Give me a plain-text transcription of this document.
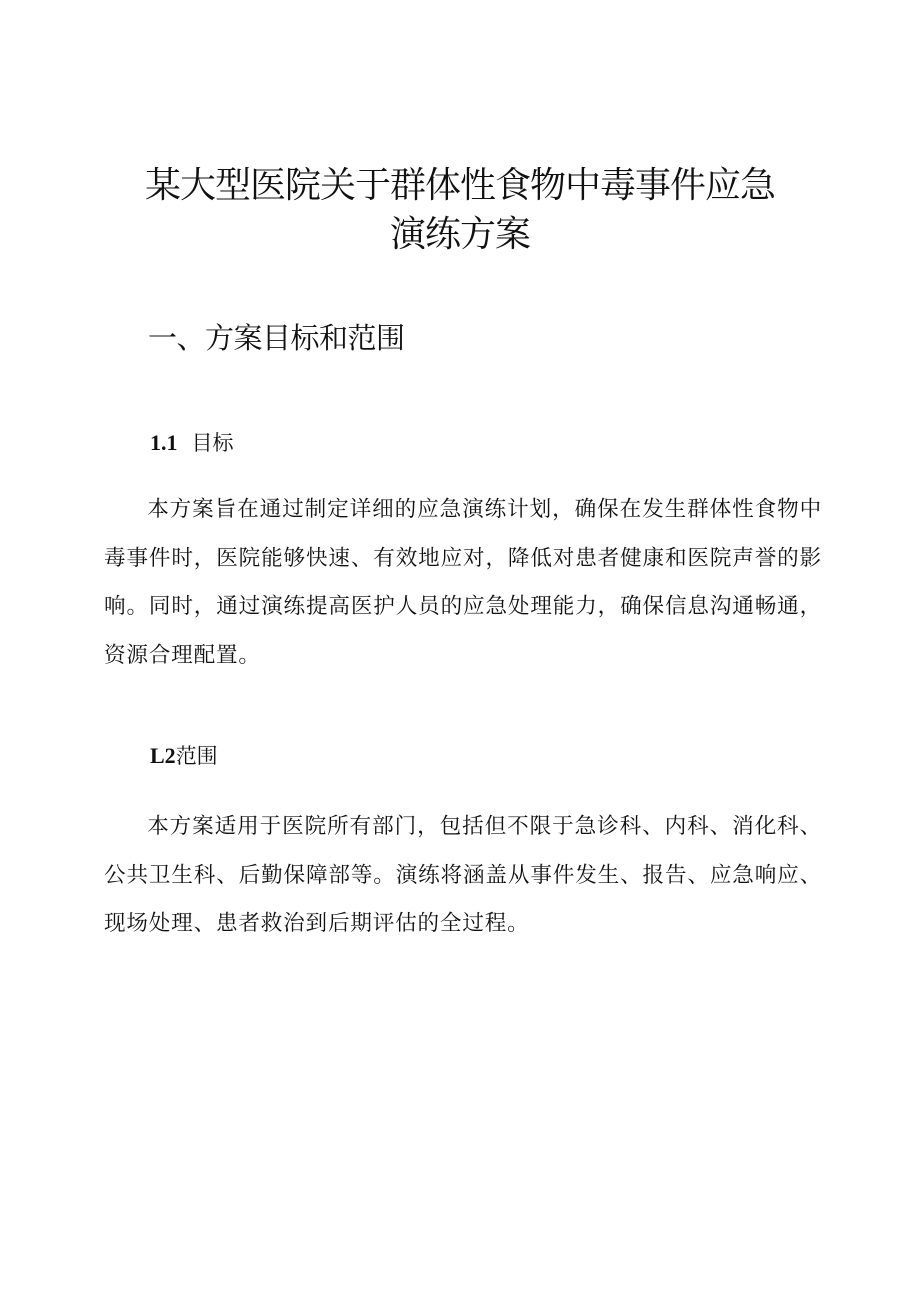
某大型医院关于群体性食物中毒事件应急
演练方案
一、方案目标和范围
1.1 目标

本方案旨在通过制定详细的应急演练计划，确保在发生群体性食物中毒事件时，医院能够快速、有效地应对，降低对患者健康和医院声誉的影响。同时，通过演练提高医护人员的应急处理能力，确保信息沟通畅通，资源合理配置。

L2范围

本方案适用于医院所有部门，包括但不限于急诊科、内科、消化科、公共卫生科、后勤保障部等。演练将涵盖从事件发生、报告、应急响应、现场处理、患者救治到后期评估的全过程。
